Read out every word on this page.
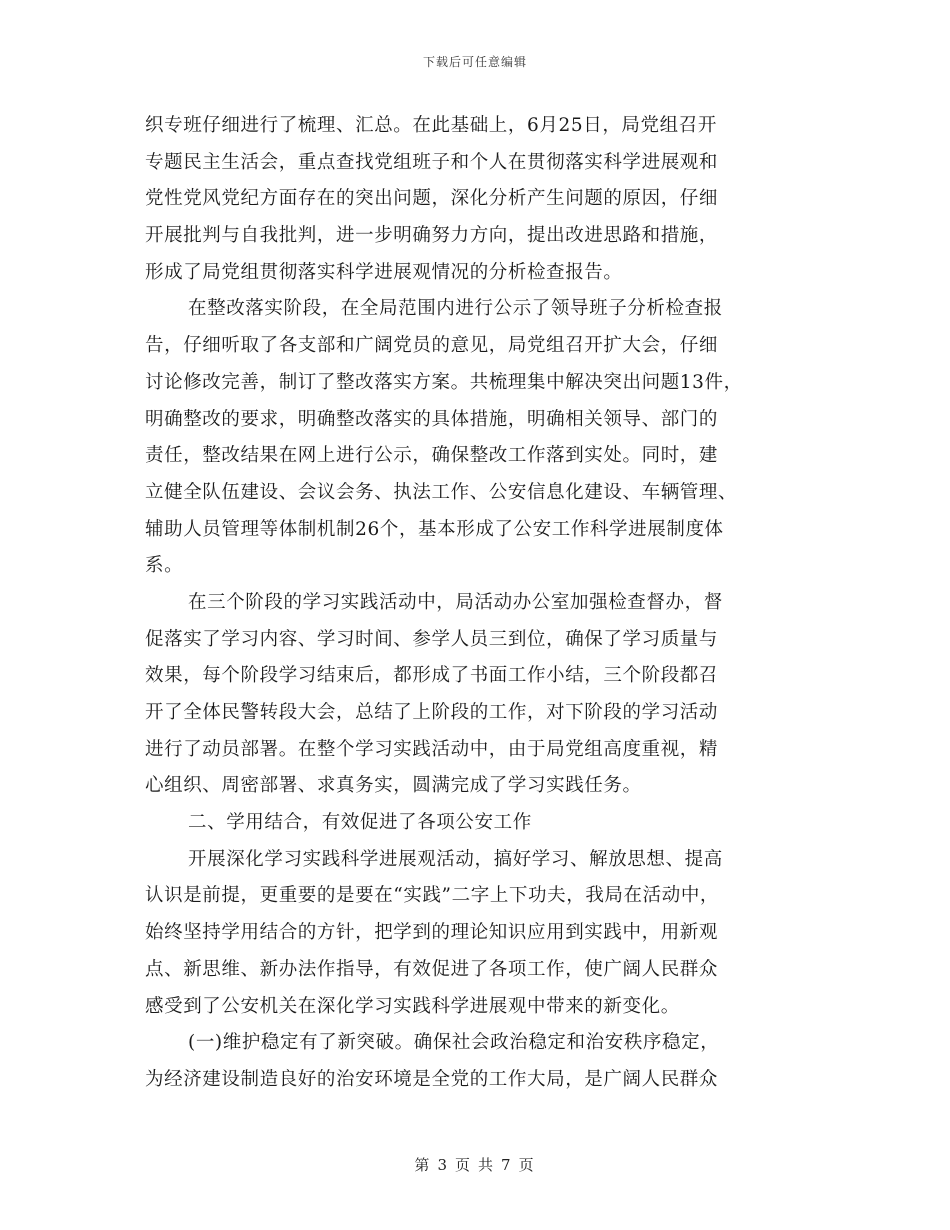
下载后可任意编辑
织专班仔细进行了梳理、汇总。在此基础上，6月25日，局党组召开
专题民主生活会，重点查找党组班子和个人在贯彻落实科学进展观和
党性党风党纪方面存在的突出问题，深化分析产生问题的原因，仔细
开展批判与自我批判，进一步明确努力方向，提出改进思路和措施，
形成了局党组贯彻落实科学进展观情况的分析检查报告。
在整改落实阶段，在全局范围内进行公示了领导班子分析检查报
告，仔细听取了各支部和广阔党员的意见，局党组召开扩大会，仔细
讨论修改完善，制订了整改落实方案。共梳理集中解决突出问题13件，
明确整改的要求，明确整改落实的具体措施，明确相关领导、部门的
责任，整改结果在网上进行公示，确保整改工作落到实处。同时，建
立健全队伍建设、会议会务、执法工作、公安信息化建设、车辆管理、
辅助人员管理等体制机制26个，基本形成了公安工作科学进展制度体
系。
在三个阶段的学习实践活动中，局活动办公室加强检查督办，督
促落实了学习内容、学习时间、参学人员三到位，确保了学习质量与
效果，每个阶段学习结束后，都形成了书面工作小结，三个阶段都召
开了全体民警转段大会，总结了上阶段的工作，对下阶段的学习活动
进行了动员部署。在整个学习实践活动中，由于局党组高度重视，精
心组织、周密部署、求真务实，圆满完成了学习实践任务。
二、学用结合，有效促进了各项公安工作
开展深化学习实践科学进展观活动，搞好学习、解放思想、提高
认识是前提，更重要的是要在“实践”二字上下功夫，我局在活动中，
始终坚持学用结合的方针，把学到的理论知识应用到实践中，用新观
点、新思维、新办法作指导，有效促进了各项工作，使广阔人民群众
感受到了公安机关在深化学习实践科学进展观中带来的新变化。
(一)维护稳定有了新突破。确保社会政治稳定和治安秩序稳定，
为经济建设制造良好的治安环境是全党的工作大局，是广阔人民群众
第 3 页 共 7 页
